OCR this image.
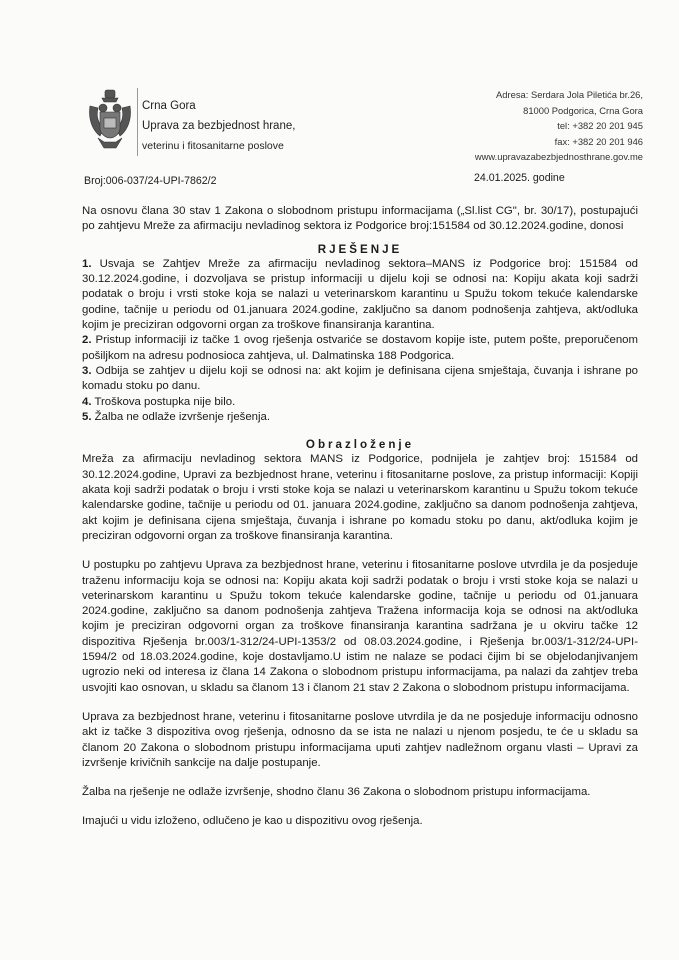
Crna Gora
Uprava za bezbjednost hrane,
veterinu i fitosanitarne poslove
Adresa: Serdara Jola Piletića br.26,
81000 Podgorica, Crna Gora
tel: +382 20 201 945
fax: +382 20 201 946
www.upravazabezbjednosthrane.gov.me
Broj:006-037/24-UPI-7862/2	24.01.2025. godine

Na osnovu člana 30 stav 1 Zakona o slobodnom pristupu informacijama („Sl.list CG", br. 30/17), postupajući po zahtjevu Mreže za afirmaciju nevladinog sektora iz Podgorice broj:151584 od 30.12.2024.godine, donosi

RJEŠENJE

1. Usvaja se Zahtjev Mreže za afirmaciju nevladinog sektora–MANS iz Podgorice broj: 151584 od 30.12.2024.godine, i dozvoljava se pristup informaciji u dijelu koji se odnosi na: Kopiju akata koji sadrži podatak o broju i vrsti stoke koja se nalazi u veterinarskom karantinu u Spužu tokom tekuće kalendarske godine, tačnije u periodu od 01.januara 2024.godine, zaključno sa danom podnošenja zahtjeva, akt/odluka kojim je preciziran odgovorni organ za troškove finansiranja karantina.

2. Pristup informaciji iz tačke 1 ovog rješenja ostvariće se dostavom kopije iste, putem pošte, preporučenom pošiljkom na adresu podnosioca zahtjeva, ul. Dalmatinska 188 Podgorica.

3. Odbija se zahtjev u dijelu koji se odnosi na: akt kojim je definisana cijena smještaja, čuvanja i ishrane po komadu stoku po danu.

4. Troškova postupka nije bilo.

5. Žalba ne odlaže izvršenje rješenja.

Obrazloženje

Mreža za afirmaciju nevladinog sektora MANS iz Podgorice, podnijela je zahtjev broj: 151584 od 30.12.2024.godine, Upravi za bezbjednost hrane, veterinu i fitosanitarne poslove, za pristup informaciji: Kopiji akata koji sadrži podatak o broju i vrsti stoke koja se nalazi u veterinarskom karantinu u Spužu tokom tekuće kalendarske godine, tačnije u periodu od 01. januara 2024.godine, zaključno sa danom podnošenja zahtjeva, akt kojim je definisana cijena smještaja, čuvanja i ishrane po komadu stoku po danu, akt/odluka kojim je preciziran odgovorni organ za troškove finansiranja karantina.

U postupku po zahtjevu Uprava za bezbjednost hrane, veterinu i fitosanitarne poslove utvrdila je da posjeduje traženu informaciju koja se odnosi na: Kopiju akata koji sadrži podatak o broju i vrsti stoke koja se nalazi u veterinarskom karantinu u Spužu tokom tekuće kalendarske godine, tačnije u periodu od 01.januara 2024.godine, zaključno sa danom podnošenja zahtjeva Tražena informacija koja se odnosi na akt/odluka kojim je preciziran odgovorni organ za troškove finansiranja karantina sadržana je u okviru tačke 12 dispozitiva Rješenja br.003/1-312/24-UPI-1353/2 od 08.03.2024.godine, i Rješenja br.003/1-312/24-UPI-1594/2 od 18.03.2024.godine, koje dostavljamo.U istim ne nalaze se podaci čijim bi se objelodanjivanjem ugrozio neki od interesa iz člana 14 Zakona o slobodnom pristupu informacijama, pa nalazi da zahtjev treba usvojiti kao osnovan, u skladu sa članom 13 i članom 21 stav 2 Zakona o slobodnom pristupu informacijama.

Uprava za bezbjednost hrane, veterinu i fitosanitarne poslove utvrdila je da ne posjeduje informaciju odnosno akt iz tačke 3 dispozitiva ovog rješenja, odnosno da se ista ne nalazi u njenom posjedu, te će u skladu sa članom 20 Zakona o slobodnom pristupu informacijama uputi zahtjev nadležnom organu vlasti – Upravi za izvršenje krivičnih sankcije na dalje postupanje.

Žalba na rješenje ne odlaže izvršenje, shodno članu 36 Zakona o slobodnom pristupu informacijama.

Imajući u vidu izloženo, odlučeno je kao u dispozitivu ovog rješenja.
